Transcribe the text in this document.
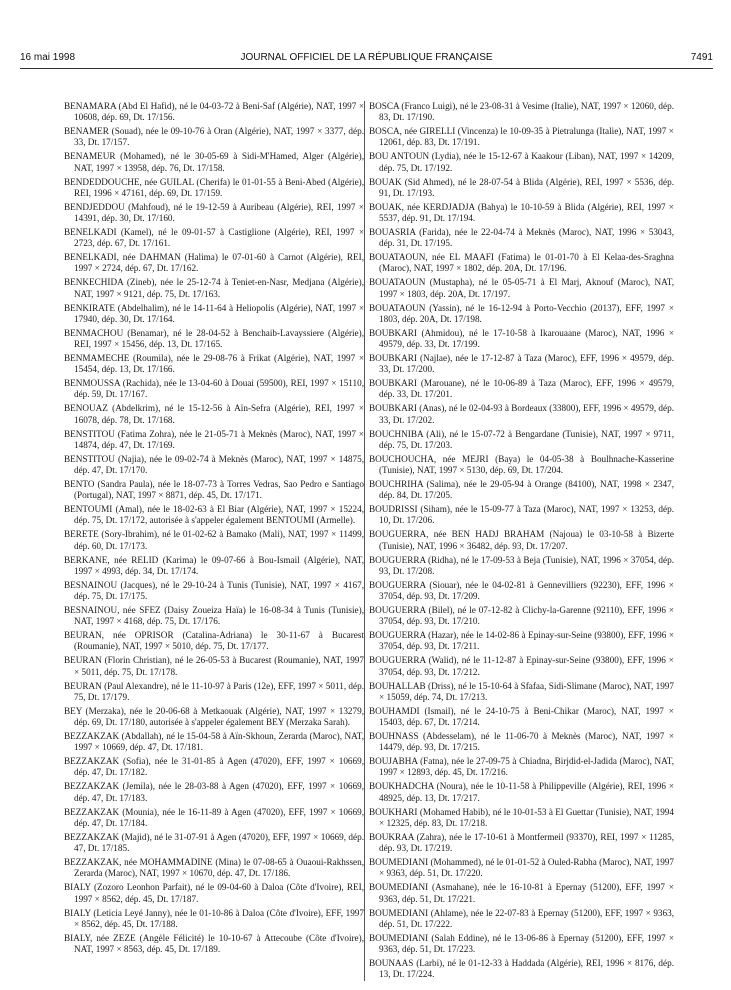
16 mai 1998	JOURNAL OFFICIEL DE LA RÉPUBLIQUE FRANÇAISE	7491

BENAMARA (Abd El Hafid), né le 04-03-72 à Beni-Saf (Algérie), NAT, 1997 × 10608, dép. 69, Dt. 17/156.

BENAMER (Souad), née le 09-10-76 à Oran (Algérie), NAT, 1997 × 3377, dép. 33, Dt. 17/157.

BENAMEUR (Mohamed), né le 30-05-69 à Sidi-M'Hamed, Alger (Algérie), NAT, 1997 × 13958, dép. 76, Dt. 17/158.

BENDEDDOUCHE, née GUILAL (Cherifa) le 01-01-55 à Beni-Abed (Algérie), REI, 1996 × 47161, dép. 69, Dt. 17/159.

BENDJEDDOU (Mahfoud), né le 19-12-59 à Auribeau (Algérie), REI, 1997 × 14391, dép. 30, Dt. 17/160.

BENELKADI (Kamel), né le 09-01-57 à Castiglione (Algérie), REI, 1997 × 2723, dép. 67, Dt. 17/161.

BENELKADI, née DAHMAN (Halima) le 07-01-60 à Carnot (Algérie), REI, 1997 × 2724, dép. 67, Dt. 17/162.

BENKECHIDA (Zineb), née le 25-12-74 à Teniet-en-Nasr, Medjana (Algérie), NAT, 1997 × 9121, dép. 75, Dt. 17/163.

BENKIRATE (Abdelhalim), né le 14-11-64 à Heliopolis (Algérie), NAT, 1997 × 17940, dép. 30, Dt. 17/164.

BENMACHOU (Benamar), né le 28-04-52 à Benchaib-Lavayssiere (Algérie), REI, 1997 × 15456, dép. 13, Dt. 17/165.

BENMAMECHE (Roumila), née le 29-08-76 à Frikat (Algérie), NAT, 1997 × 15454, dép. 13, Dt. 17/166.

BENMOUSSA (Rachida), née le 13-04-60 à Douai (59500), REI, 1997 × 15110, dép. 59, Dt. 17/167.

BENOUAZ (Abdelkrim), né le 15-12-56 à Aïn-Sefra (Algérie), REI, 1997 × 16078, dép. 78, Dt. 17/168.

BENSTITOU (Fatima Zohra), née le 21-05-71 à Meknès (Maroc), NAT, 1997 × 14874, dép. 47, Dt. 17/169.

BENSTITOU (Najia), née le 09-02-74 à Meknès (Maroc), NAT, 1997 × 14875, dép. 47, Dt. 17/170.

BENTO (Sandra Paula), née le 18-07-73 à Torres Vedras, Sao Pedro e Santiago (Portugal), NAT, 1997 × 8871, dép. 45, Dt. 17/171.

BENTOUMI (Amal), née le 18-02-63 à El Biar (Algérie), NAT, 1997 × 15224, dép. 75, Dt. 17/172, autorisée à s'appeler également BENTOUMI (Armelle).

BERETE (Sory-Ibrahim), né le 01-02-62 à Bamako (Mali), NAT, 1997 × 11499, dép. 60, Dt. 17/173.

BERKANE, née RELID (Karima) le 09-07-66 à Bou-Ismail (Algérie), NAT, 1997 × 4993, dép. 34, Dt. 17/174.

BESNAINOU (Jacques), né le 29-10-24 à Tunis (Tunisie), NAT, 1997 × 4167, dép. 75, Dt. 17/175.

BESNAINOU, née SFEZ (Daisy Zoueiza Haïa) le 16-08-34 à Tunis (Tunisie), NAT, 1997 × 4168, dép. 75, Dt. 17/176.

BEURAN, née OPRISOR (Catalina-Adriana) le 30-11-67 à Bucarest (Roumanie), NAT, 1997 × 5010, dép. 75, Dt. 17/177.

BEURAN (Florin Christian), né le 26-05-53 à Bucarest (Roumanie), NAT, 1997 × 5011, dép. 75, Dt. 17/178.

BEURAN (Paul Alexandre), né le 11-10-97 à Paris (12e), EFF, 1997 × 5011, dép. 75, Dt. 17/179.

BEY (Merzaka), née le 20-06-68 à Metkaouak (Algérie), NAT, 1997 × 13279, dép. 69, Dt. 17/180, autorisée à s'appeler également BEY (Merzaka Sarah).

BEZZAKZAK (Abdallah), né le 15-04-58 à Aïn-Skhoun, Zerarda (Maroc), NAT, 1997 × 10669, dép. 47, Dt. 17/181.

BEZZAKZAK (Sofia), née le 31-01-85 à Agen (47020), EFF, 1997 × 10669, dép. 47, Dt. 17/182.

BEZZAKZAK (Jemila), née le 28-03-88 à Agen (47020), EFF, 1997 × 10669, dép. 47, Dt. 17/183.

BEZZAKZAK (Mounia), née le 16-11-89 à Agen (47020), EFF, 1997 × 10669, dép. 47, Dt. 17/184.

BEZZAKZAK (Majid), né le 31-07-91 à Agen (47020), EFF, 1997 × 10669, dép. 47, Dt. 17/185.

BEZZAKZAK, née MOHAMMADINE (Mina) le 07-08-65 à Ouaoui-Rakhssen, Zerarda (Maroc), NAT, 1997 × 10670, dép. 47, Dt. 17/186.

BIALY (Zozoro Leonhon Parfait), né le 09-04-60 à Daloa (Côte d'Ivoire), REI, 1997 × 8562, dép. 45, Dt. 17/187.

BIALY (Leticia Leyé Janny), née le 01-10-86 à Daloa (Côte d'Ivoire), EFF, 1997 × 8562, dép. 45, Dt. 17/188.

BIALY, née ZEZE (Angèle Félicité) le 10-10-67 à Attecoube (Côte d'Ivoire), NAT, 1997 × 8563, dép. 45, Dt. 17/189.

BOSCA (Franco Luigi), né le 23-08-31 à Vesime (Italie), NAT, 1997 × 12060, dép. 83, Dt. 17/190.

BOSCA, née GIRELLI (Vincenza) le 10-09-35 à Pietralunga (Italie), NAT, 1997 × 12061, dép. 83, Dt. 17/191.

BOU ANTOUN (Lydia), née le 15-12-67 à Kaakour (Liban), NAT, 1997 × 14209, dép. 75, Dt. 17/192.

BOUAK (Sid Ahmed), né le 28-07-54 à Blida (Algérie), REI, 1997 × 5536, dép. 91, Dt. 17/193.

BOUAK, née KERDJADJA (Bahya) le 10-10-59 à Blida (Algérie), REI, 1997 × 5537, dép. 91, Dt. 17/194.

BOUASRIA (Farida), née le 22-04-74 à Meknès (Maroc), NAT, 1996 × 53043, dép. 31, Dt. 17/195.

BOUATAOUN, née EL MAAFI (Fatima) le 01-01-70 à El Kelaa-des-Sraghna (Maroc), NAT, 1997 × 1802, dép. 20A, Dt. 17/196.

BOUATAOUN (Mustapha), né le 05-05-71 à El Marj, Aknouf (Maroc), NAT, 1997 × 1803, dép. 20A, Dt. 17/197.

BOUATAOUN (Yassin), né le 16-12-94 à Porto-Vecchio (20137), EFF, 1997 × 1803, dép. 20A, Dt. 17/198.

BOUBKARI (Ahmidou), né le 17-10-58 à Ikarouaane (Maroc), NAT, 1996 × 49579, dép. 33, Dt. 17/199.

BOUBKARI (Najlae), née le 17-12-87 à Taza (Maroc), EFF, 1996 × 49579, dép. 33, Dt. 17/200.

BOUBKARI (Marouane), né le 10-06-89 à Taza (Maroc), EFF, 1996 × 49579, dép. 33, Dt. 17/201.

BOUBKARI (Anas), né le 02-04-93 à Bordeaux (33800), EFF, 1996 × 49579, dép. 33, Dt. 17/202.

BOUCHNIBA (Ali), né le 15-07-72 à Bengardane (Tunisie), NAT, 1997 × 9711, dép. 75, Dt. 17/203.

BOUCHOUCHA, née MEJRI (Baya) le 04-05-38 à Boulhnache-Kasserine (Tunisie), NAT, 1997 × 5130, dép. 69, Dt. 17/204.

BOUCHRIHA (Salima), née le 29-05-94 à Orange (84100), NAT, 1998 × 2347, dép. 84, Dt. 17/205.

BOUDRISSI (Siham), née le 15-09-77 à Taza (Maroc), NAT, 1997 × 13253, dép. 10, Dt. 17/206.

BOUGUERRA, née BEN HADJ BRAHAM (Najoua) le 03-10-58 à Bizerte (Tunisie), NAT, 1996 × 36482, dép. 93, Dt. 17/207.

BOUGUERRA (Ridha), né le 17-09-53 à Beja (Tunisie), NAT, 1996 × 37054, dép. 93, Dt. 17/208.

BOUGUERRA (Siouar), née le 04-02-81 à Gennevilliers (92230), EFF, 1996 × 37054, dép. 93, Dt. 17/209.

BOUGUERRA (Bilel), né le 07-12-82 à Clichy-la-Garenne (92110), EFF, 1996 × 37054, dép. 93, Dt. 17/210.

BOUGUERRA (Hazar), née le 14-02-86 à Epinay-sur-Seine (93800), EFF, 1996 × 37054, dép. 93, Dt. 17/211.

BOUGUERRA (Walid), né le 11-12-87 à Epinay-sur-Seine (93800), EFF, 1996 × 37054, dép. 93, Dt. 17/212.

BOUHALLAB (Driss), né le 15-10-64 à Sfafaa, Sidi-Slimane (Maroc), NAT, 1997 × 15059, dép. 74, Dt. 17/213.

BOUHAMDI (Ismail), né le 24-10-75 à Beni-Chikar (Maroc), NAT, 1997 × 15403, dép. 67, Dt. 17/214.

BOUHNASS (Abdesselam), né le 11-06-70 à Meknès (Maroc), NAT, 1997 × 14479, dép. 93, Dt. 17/215.

BOUJABHA (Fatna), née le 27-09-75 à Chiadna, Birjdid-el-Jadida (Maroc), NAT, 1997 × 12893, dép. 45, Dt. 17/216.

BOUKHADCHA (Noura), née le 10-11-58 à Philippeville (Algérie), REI, 1996 × 48925, dép. 13, Dt. 17/217.

BOUKHARI (Mohamed Habib), né le 10-01-53 à El Guettar (Tunisie), NAT, 1994 × 12325, dép. 83, Dt. 17/218.

BOUKRAA (Zahra), née le 17-10-61 à Montfermeil (93370), REI, 1997 × 11285, dép. 93, Dt. 17/219.

BOUMEDIANI (Mohammed), né le 01-01-52 à Ouled-Rabha (Maroc), NAT, 1997 × 9363, dép. 51, Dt. 17/220.

BOUMEDIANI (Asmahane), née le 16-10-81 à Epernay (51200), EFF, 1997 × 9363, dép. 51, Dt. 17/221.

BOUMEDIANI (Ahlame), née le 22-07-83 à Epernay (51200), EFF, 1997 × 9363, dép. 51, Dt. 17/222.

BOUMEDIANI (Salah Eddine), né le 13-06-86 à Epernay (51200), EFF, 1997 × 9363, dép. 51, Dt. 17/223.

BOUNAAS (Larbi), né le 01-12-33 à Haddada (Algérie), REI, 1996 × 8176, dép. 13, Dt. 17/224.
